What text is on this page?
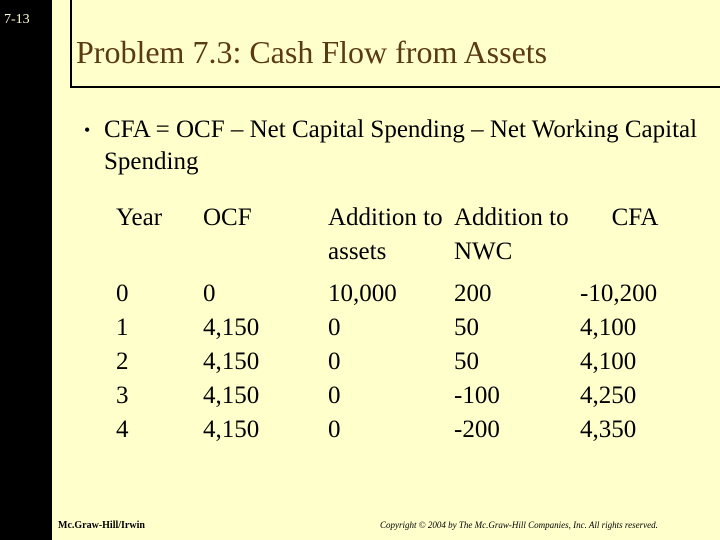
7-13
Problem 7.3: Cash Flow from Assets
• CFA = OCF – Net Capital Spending – Net Working Capital Spending
Year	OCF	Addition to assets	Addition to NWC	CFA
0	0	10,000	200	-10,200
1	4,150	0	50	4,100
2	4,150	0	50	4,100
3	4,150	0	-100	4,250
4	4,150	0	-200	4,350
Mc.Graw-Hill/Irwin	Copyright © 2004 by The Mc.Graw-Hill Companies, Inc. All rights reserved.
